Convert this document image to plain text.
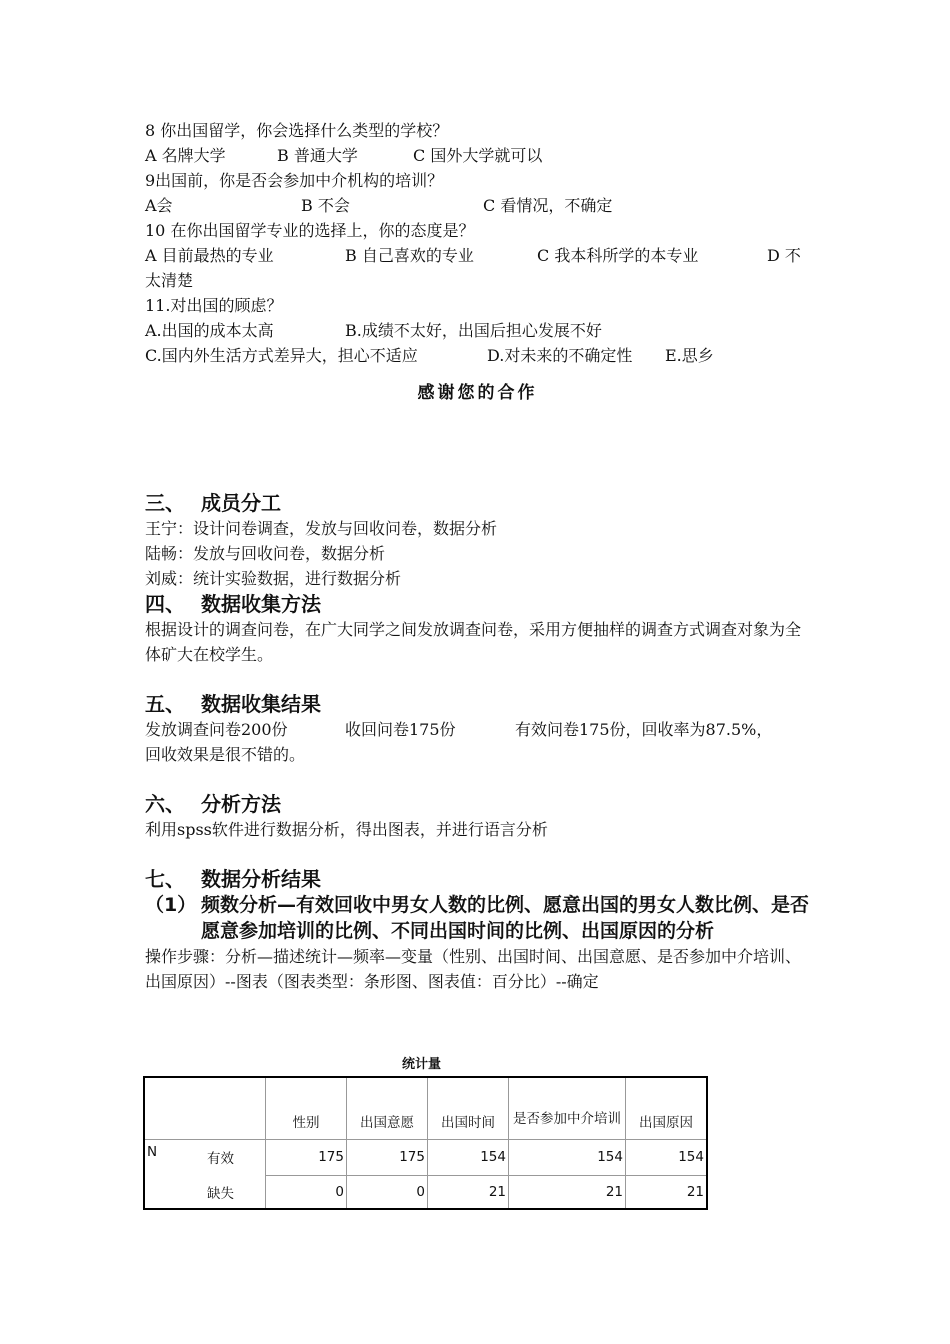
8 你出国留学，你会选择什么类型的学校？
A 名牌大学	B 普通大学	C 国外大学就可以
9出国前，你是否会参加中介机构的培训？
A会	B 不会	C 看情况，不确定
10 在你出国留学专业的选择上，你的态度是？
A 目前最热的专业	B 自己喜欢的专业	C 我本科所学的本专业	D 不
太清楚
11.对出国的顾虑？
A.出国的成本太高	B.成绩不太好，出国后担心发展不好
C.国内外生活方式差异大，担心不适应	D.对未来的不确定性 E.思乡
感谢您的合作
三、 成员分工
王宁：设计问卷调查，发放与回收问卷，数据分析
陆畅：发放与回收问卷，数据分析
刘威：统计实验数据，进行数据分析
四、 数据收集方法
根据设计的调查问卷，在广大同学之间发放调查问卷，采用方便抽样的调查方式调查对象为全体矿大在校学生。
五、 数据收集结果
发放调查问卷200份	收回问卷175份	有效问卷175份，回收率为87.5%，
回收效果是很不错的。
六、 分析方法
利用spss软件进行数据分析，得出图表，并进行语言分析
七、 数据分析结果
（1） 频数分析—有效回收中男女人数的比例、愿意出国的男女人数比例、是否愿意参加培训的比例、不同出国时间的比例、出国原因的分析
操作步骤：分析—描述统计—频率—变量（性别、出国时间、出国意愿、是否参加中介培训、出国原因）--图表（图表类型：条形图、图表值：百分比）--确定
统计量
		性别	出国意愿	出国时间	是否参加中介培训	出国原因
N	有效	175	175	154	154	154
	缺失	0	0	21	21	21
